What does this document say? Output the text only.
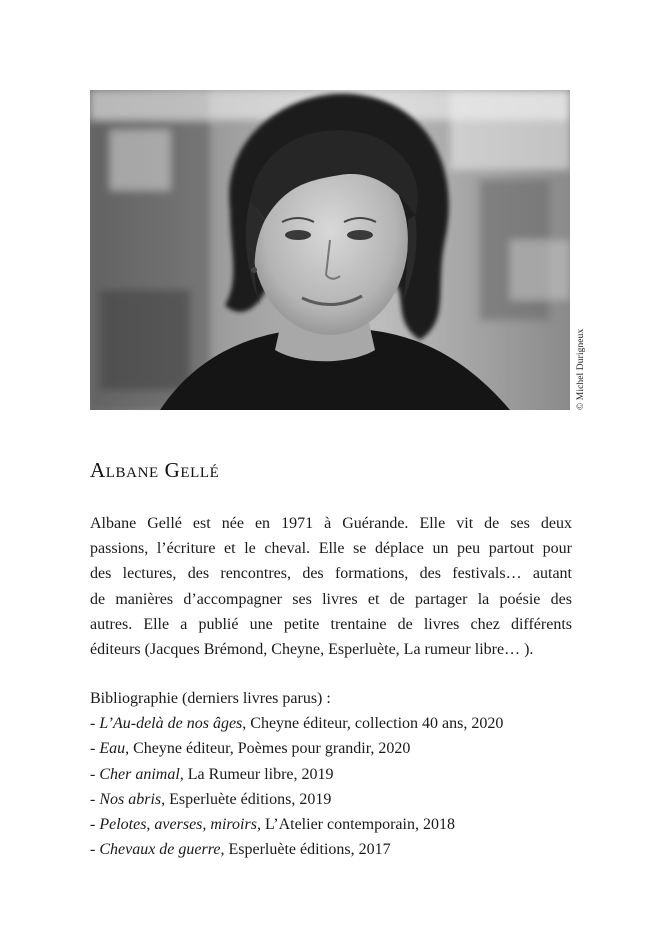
© Michel Durigneux
Albane Gellé

Albane Gellé est née en 1971 à Guérande. Elle vit de ses deux
passions, l’écriture et le cheval. Elle se déplace un peu partout pour
des lectures, des rencontres, des formations, des festivals… autant
de manières d’accompagner ses livres et de partager la poésie des
autres. Elle a publié une petite trentaine de livres chez différents
éditeurs (Jacques Brémond, Cheyne, Esperluète, La rumeur libre… ).

Bibliographie (derniers livres parus) :
- L’Au-delà de nos âges, Cheyne éditeur, collection 40 ans, 2020
- Eau, Cheyne éditeur, Poèmes pour grandir, 2020
- Cher animal, La Rumeur libre, 2019
- Nos abris, Esperluète éditions, 2019
- Pelotes, averses, miroirs, L’Atelier contemporain, 2018
- Chevaux de guerre, Esperluète éditions, 2017
